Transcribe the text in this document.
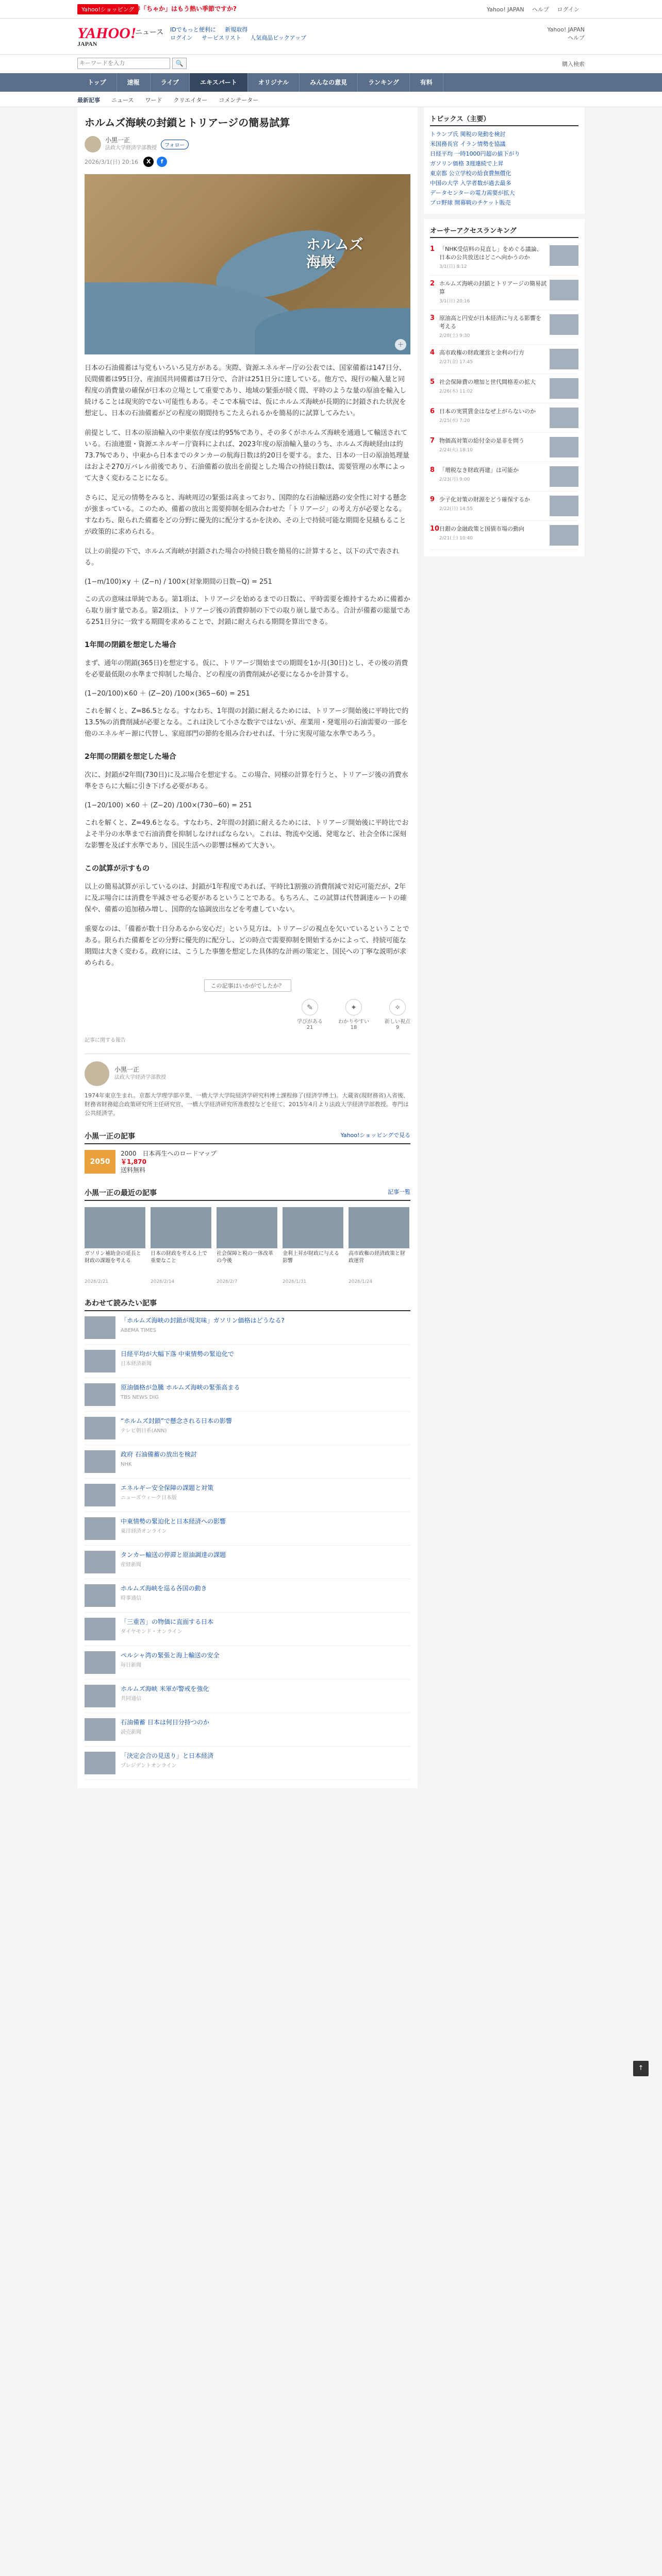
Yahoo!ショッピング 春「ちゃか」はもう熱い季節ですか?	Yahoo! JAPAN ヘルプ ログイン
YAHOO!
JAPAN
ニュース IDでもっと便利に 新規取得
ログイン サービスリスト 人気商品ピックアップ
Yahoo! JAPAN
ヘルプ
キーワードを入力
🔍	購入検索
トップ	速報	ライブ	エキスパート	オリジナル	みんなの意見	ランキング	有料
最新記事 ニュース ワード クリエイター コメンテーター
ホルムズ海峡の封鎖とトリアージの簡易試算
小黒一正
法政大学経済学部教授	フォロー
2026/3/1(日) 20:16	X	f
ホルムズ
海峡
＋

日本の石油備蓄は与党もいろいろ見方がある。実際、資源エネルギー庁の公表では、国家備蓄は147日分、民間備蓄は95日分、産油国共同備蓄は7日分で、合計は251日分に達している。他方で、現行の輸入量と同程度の消費量の確保が日本の立場として重要であり、地域の緊張が続く間、平時のような量の原油を輸入し続けることは現実的でない可能性もある。そこで本稿では、仮にホルムズ海峡が長期的に封鎖された状況を想定し、日本の石油備蓄がどの程度の期間持ちこたえられるかを簡易的に試算してみたい。

前提として、日本の原油輸入の中東依存度は約95%であり、その多くがホルムズ海峡を通過して輸送されている。石油連盟・資源エネルギー庁資料によれば、2023年度の原油輸入量のうち、ホルムズ海峡経由は約73.7%であり、中東から日本までのタンカーの航海日数は約20日を要する。また、日本の一日の原油処理量はおよそ270万バレル前後であり、石油備蓄の放出を前提とした場合の持続日数は、需要管理の水準によって大きく変わることになる。

さらに、足元の情勢をみると、海峡周辺の緊張は高まっており、国際的な石油輸送路の安全性に対する懸念が強まっている。このため、備蓄の放出と需要抑制を組み合わせた「トリアージ」の考え方が必要となる。すなわち、限られた備蓄をどの分野に優先的に配分するかを決め、その上で持続可能な期間を見積もることが政策的に求められる。

以上の前提の下で、ホルムズ海峡が封鎖された場合の持続日数を簡易的に計算すると、以下の式で表される。

(1−m/100)×y ＋ (Z−n) / 100×(対象期間の日数−Q) = 251

この式の意味は単純である。第1項は、トリアージを始めるまでの日数に、平時需要を維持するために備蓄から取り崩す量である。第2項は、トリアージ後の消費抑制の下での取り崩し量である。合計が備蓄の総量である251日分に一致する期間を求めることで、封鎖に耐えられる期間を算出できる。

1年間の閉鎖を想定した場合

まず、通年の閉鎖(365日)を想定する。仮に、トリアージ開始までの期間を1か月(30日)とし、その後の消費を必要最低限の水準まで抑制した場合、どの程度の消費削減が必要になるかを計算する。

(1−20/100)×60 ＋ (Z−20) /100×(365−60) = 251

これを解くと、Z=86.5となる。すなわち、1年間の封鎖に耐えるためには、トリアージ開始後に平時比で約13.5%の消費削減が必要となる。これは決して小さな数字ではないが、産業用・発電用の石油需要の一部を他のエネルギー源に代替し、家庭部門の節約を組み合わせれば、十分に実現可能な水準であろう。

2年間の閉鎖を想定した場合

次に、封鎖が2年間(730日)に及ぶ場合を想定する。この場合、同様の計算を行うと、トリアージ後の消費水準をさらに大幅に引き下げる必要がある。

(1−20/100) ×60 ＋ (Z−20) /100×(730−60) = 251

これを解くと、Z=49.6となる。すなわち、2年間の封鎖に耐えるためには、トリアージ開始後に平時比でおよそ半分の水準まで石油消費を抑制しなければならない。これは、物流や交通、発電など、社会全体に深刻な影響を及ぼす水準であり、国民生活への影響は極めて大きい。

この試算が示すもの

以上の簡易試算が示しているのは、封鎖が1年程度であれば、平時比1割強の消費削減で対応可能だが、2年に及ぶ場合には消費を半減させる必要があるということである。もちろん、この試算は代替調達ルートの確保や、備蓄の追加積み増し、国際的な協調放出などを考慮していない。

重要なのは、「備蓄が数十日分あるから安心だ」という見方は、トリアージの視点を欠いているということである。限られた備蓄をどの分野に優先的に配分し、どの時点で需要抑制を開始するかによって、持続可能な期間は大きく変わる。政府には、こうした事態を想定した具体的な計画の策定と、国民への丁寧な説明が求められる。

この記事はいかがでしたか？
✎
学びがある
21
✦
わかりやすい
18
✧
新しい視点
9
記事に関する報告
小黒一正
法政大学経済学部教授
1974年東京生まれ。京都大学理学部卒業、一橋大学大学院経済学研究科博士課程修了(経済学博士)。大蔵省(現財務省)入省後、財務省財務総合政策研究所主任研究官、一橋大学経済研究所准教授などを経て、2015年4月より法政大学経済学部教授。専門は公共経済学。
小黒一正の記事	Yahoo!ショッピングで見る
2050
2000　日本再生へのロードマップ
￥1,870
送料無料
小黒一正の最近の記事	記事一覧
ガソリン補助金の延長と財政の課題を考える
2026/2/21
日本の財政を考える上で重要なこと
2026/2/14
社会保障と税の一体改革の今後
2026/2/7
金利上昇が財政に与える影響
2026/1/31
高市政権の経済政策と財政運営
2026/1/24
あわせて読みたい記事
「ホルムズ海峡の封鎖が現実味」ガソリン価格はどうなる?
ABEMA TIMES
日経平均が大幅下落 中東情勢の緊迫化で
日本経済新聞
原油価格が急騰 ホルムズ海峡の緊張高まる
TBS NEWS DIG
“ホルムズ封鎖”で懸念される日本の影響
テレビ朝日系(ANN)
政府 石油備蓄の放出を検討
NHK
エネルギー安全保障の課題と対策
ニューズウィーク日本版
中東情勢の緊迫化と日本経済への影響
東洋経済オンライン
タンカー輸送の停滞と原油調達の課題
産経新聞
ホルムズ海峡を巡る各国の動き
時事通信
「三重苦」の物価に直面する日本
ダイヤモンド・オンライン
ペルシャ湾の緊張と海上輸送の安全
毎日新聞
ホルムズ海峡 米軍が警戒を強化
共同通信
石油備蓄 日本は何日分持つのか
読売新聞
「決定会合の見送り」と日本経済
プレジデントオンライン
トピックス（主要）
トランプ氏 関税の発動を検討
米国務長官 イラン情勢を協議
日経平均 一時1000円超の値下がり
ガソリン価格 3週連続で上昇
東京都 公立学校の給食費無償化
中国の大学 入学者数が過去最多
データセンターの電力需要が拡大
プロ野球 開幕戦のチケット販売
オーサーアクセスランキング
1 「NHK受信料の見直し」をめぐる議論、日本の公共放送はどこへ向かうのか
3/1(日) 8:12
2 ホルムズ海峡の封鎖とトリアージの簡易試算
3/1(日) 20:16
3 原油高と円安が日本経済に与える影響を考える
2/28(土) 9:30
4 高市政権の財政運営と金利の行方
2/27(金) 17:45
5 社会保障費の増加と世代間格差の拡大
2/26(木) 11:02
6 日本の実質賃金はなぜ上がらないのか
2/25(水) 7:20
7 物価高対策の給付金の是非を問う
2/24(火) 18:10
8 「増税なき財政再建」は可能か
2/23(月) 9:00
9 少子化対策の財源をどう確保するか
2/22(日) 14:55
10 日銀の金融政策と国債市場の動向
2/21(土) 10:40
↑
